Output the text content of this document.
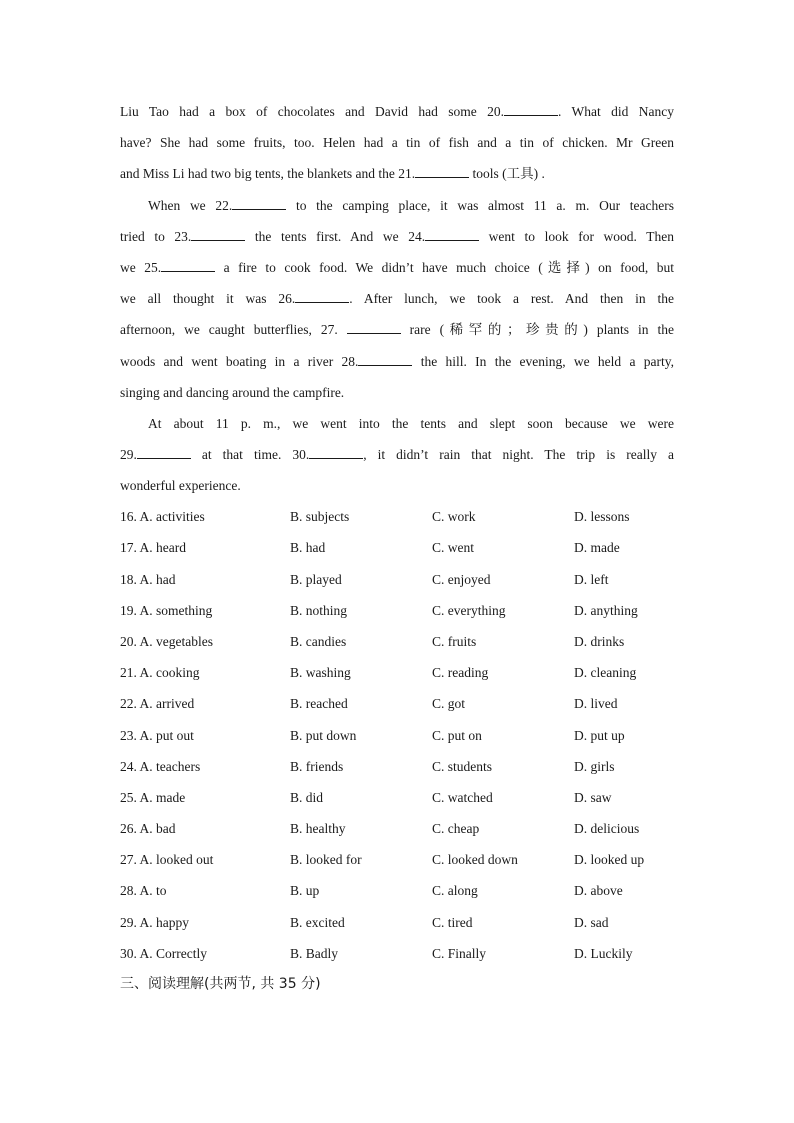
Liu Tao had a box of chocolates and David had some 20.	. What did Nancy
have? She had some fruits, too. Helen had a tin of fish and a tin of chicken. Mr Green
and Miss Li had two big tents, the blankets and the 21.	tools (工具) .

When we 22.	to the camping place, it was almost 11 a. m. Our teachers
tried to 23.	the tents first. And we 24.	went to look for wood. Then
we 25.	a fire to cook food. We didn’t have much choice (选择) on food, but
we all thought it was 26.	. After lunch, we took a rest. And then in the
afternoon, we caught butterflies, 27.	rare (稀罕的；珍贵的) plants in the
woods and went boating in a river 28.	the hill. In the evening, we held a party,
singing and dancing around the campfire.

At about 11 p. m., we went into the tents and slept soon because we were
29.	at that time. 30.	, it didn’t rain that night. The trip is really a
wonderful experience.

16. A. activities	B. subjects	C. work	D. lessons
17. A. heard	B. had	C. went	D. made
18. A. had	B. played	C. enjoyed	D. left
19. A. something	B. nothing	C. everything	D. anything
20. A. vegetables	B. candies	C. fruits	D. drinks
21. A. cooking	B. washing	C. reading	D. cleaning
22. A. arrived	B. reached	C. got	D. lived
23. A. put out	B. put down	C. put on	D. put up
24. A. teachers	B. friends	C. students	D. girls
25. A. made	B. did	C. watched	D. saw
26. A. bad	B. healthy	C. cheap	D. delicious
27. A. looked out	B. looked for	C. looked down	D. looked up
28. A. to	B. up	C. along	D. above
29. A. happy	B. excited	C. tired	D. sad
30. A. Correctly	B. Badly	C. Finally	D. Luckily
三、阅读理解(共两节, 共 35 分)
